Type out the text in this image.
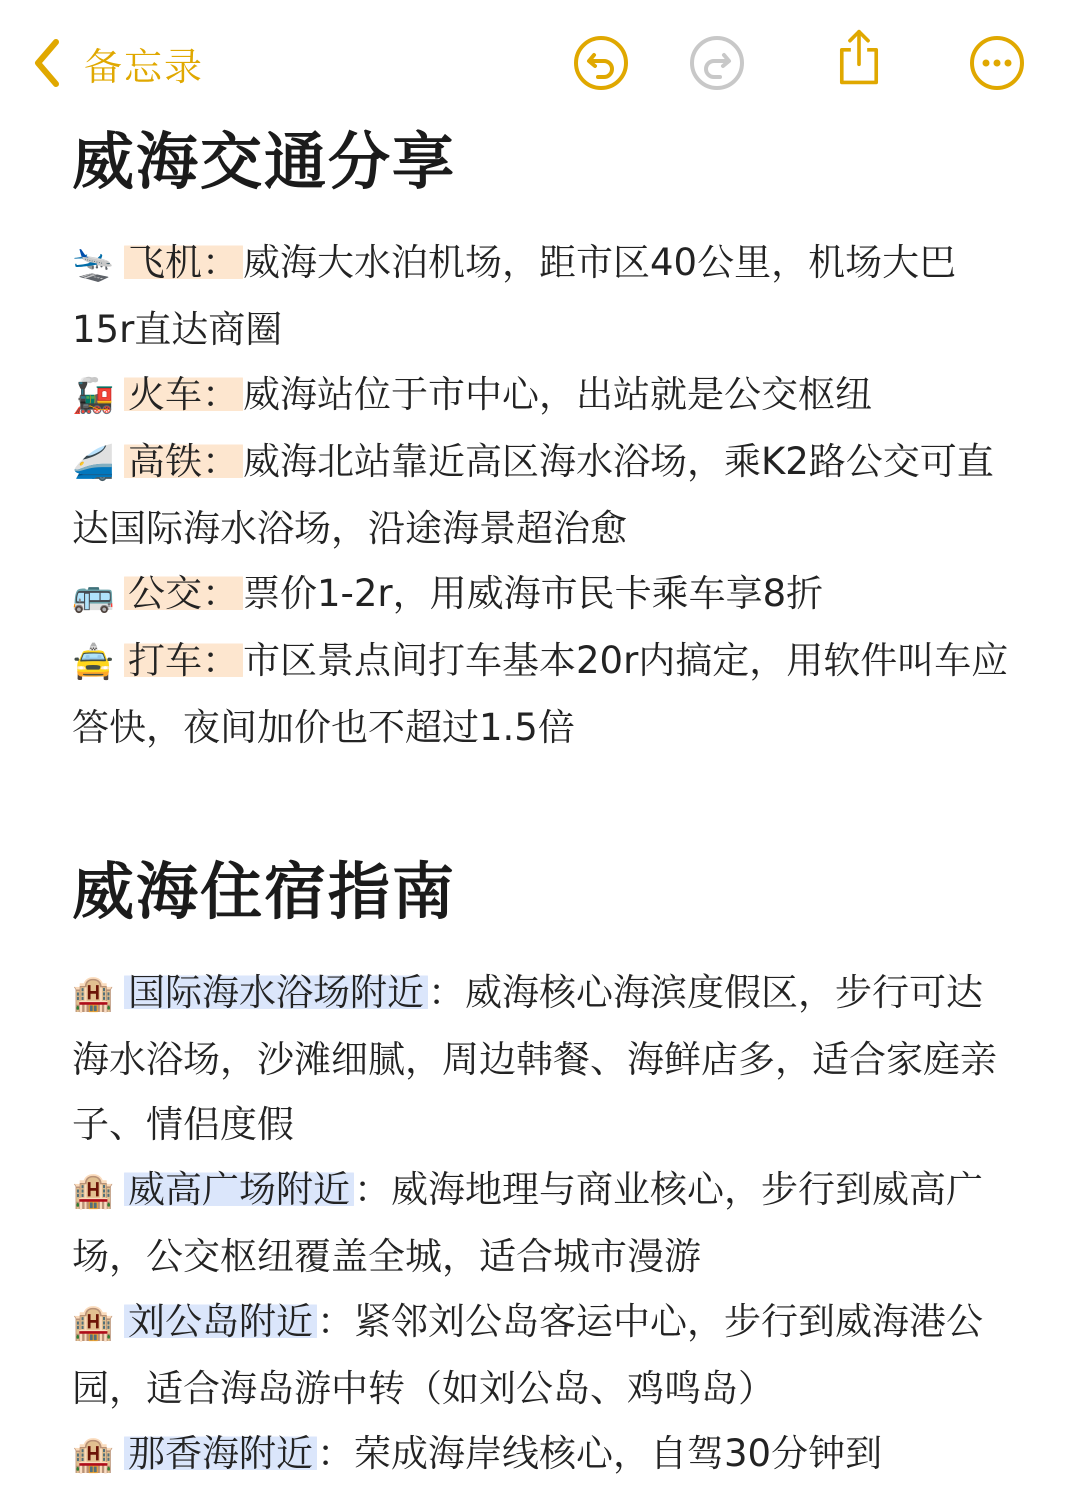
备忘录
威海交通分享
🛬 飞机： 威海大水泊机场，距市区40公里，机场大巴15r直达商圈
🚂 火车： 威海站位于市中心，出站就是公交枢纽
🚄 高铁： 威海北站靠近高区海水浴场，乘K2路公交可直达国际海水浴场，沿途海景超治愈
🚌 公交： 票价1-2r，用威海市民卡乘车享8折
🚖 打车： 市区景点间打车基本20r内搞定，用软件叫车应答快，夜间加价也不超过1.5倍
威海住宿指南
🏨 国际海水浴场附近 ：威海核心海滨度假区，步行可达海水浴场，沙滩细腻，周边韩餐、海鲜店多，适合家庭亲子、情侣度假
🏨 威高广场附近 ：威海地理与商业核心，步行到威高广场，公交枢纽覆盖全城，适合城市漫游
🏨 刘公岛附近 ：紧邻刘公岛客运中心，步行到威海港公园，适合海岛游中转（如刘公岛、鸡鸣岛）
🏨 那香海附近 ：荣成海岸线核心，自驾30分钟到
